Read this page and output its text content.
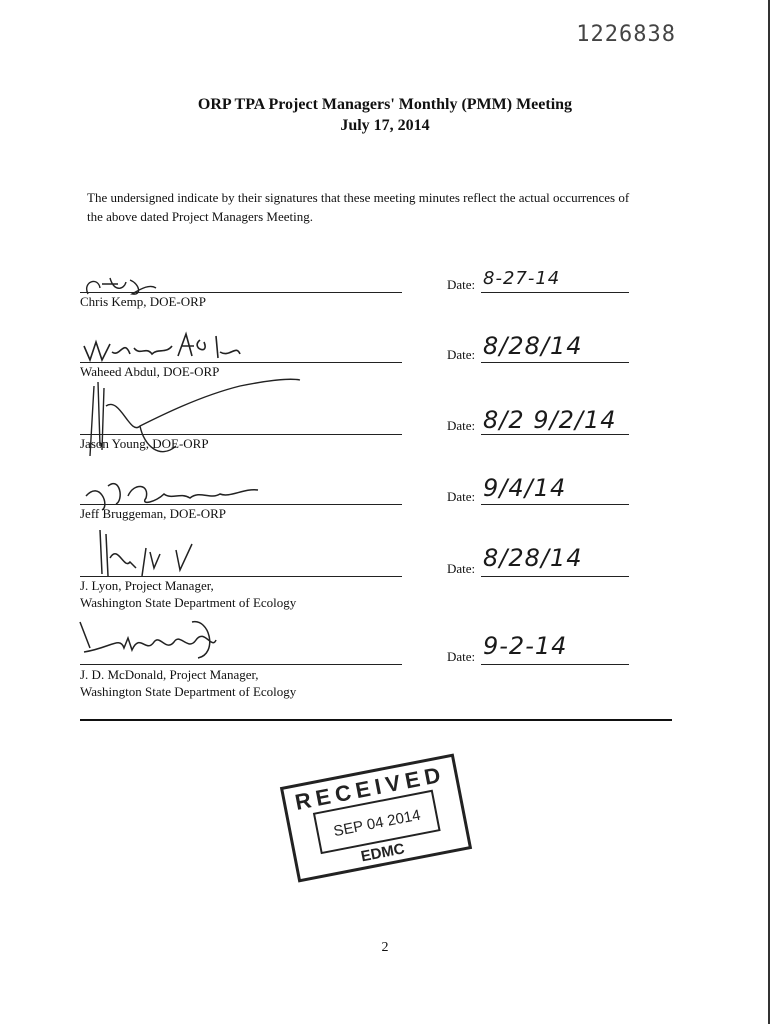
1226838
ORP TPA Project Managers' Monthly (PMM) Meeting
July 17, 2014
The undersigned indicate by their signatures that these meeting minutes reflect the actual occurrences of the above dated Project Managers Meeting.
Chris Kemp, DOE-ORP
Date: 8-27-14
Waheed Abdul, DOE-ORP
Date: 8/28/14
Jason Young, DOE-ORP
Date: 8/2 9/2/14
Jeff Bruggeman, DOE-ORP
Date: 9/4/14
J. Lyon, Project Manager,
Washington State Department of Ecology
Date: 8/28/14
J. D. McDonald, Project Manager,
Washington State Department of Ecology
Date: 9-2-14
RECEIVED
SEP 04 2014
EDMC
2
